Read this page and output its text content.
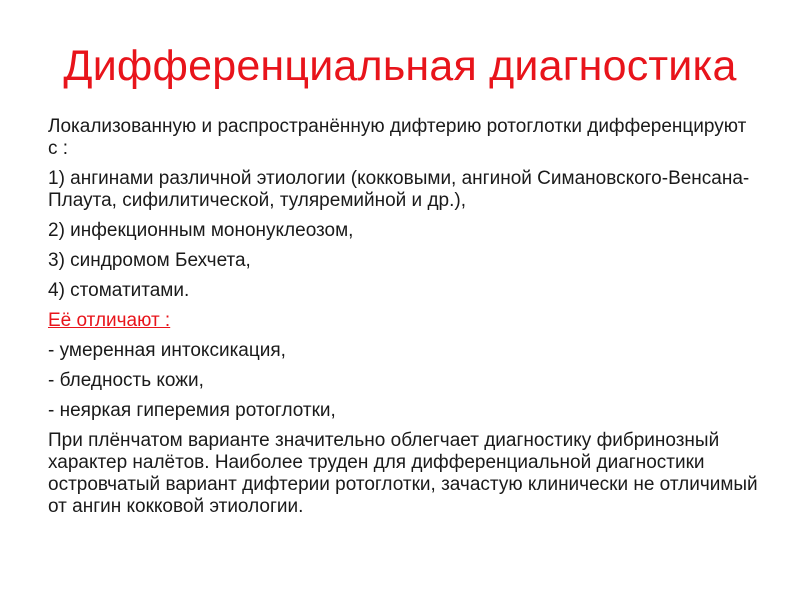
Дифференциальная диагностика

Локализованную и распространённую дифтерию ротоглотки дифференцируют с :

1) ангинами различной этиологии (кокковыми, ангиной Симановского-Венсана-Плаута, сифилитической, туляремийной и др.),

2) инфекционным мононуклеозом,

3) синдромом Бехчета,

4) стоматитами.

Её отличают :

- умеренная интоксикация,

- бледность кожи,

- неяркая гиперемия ротоглотки,

При плёнчатом варианте значительно облегчает диагностику фибринозный характер налётов. Наиболее труден для дифференциальной диагностики островчатый вариант дифтерии ротоглотки, зачастую клинически не отличимый от ангин кокковой этиологии.
